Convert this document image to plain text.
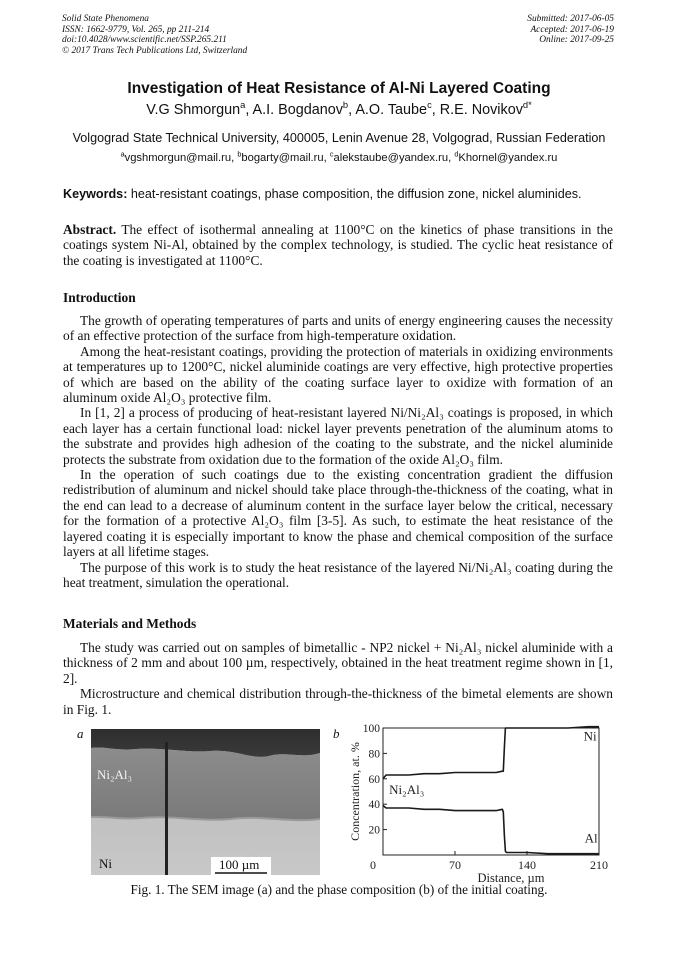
Solid State Phenomena
ISSN: 1662-9779, Vol. 265, pp 211-214
doi:10.4028/www.scientific.net/SSP.265.211
© 2017 Trans Tech Publications Ltd, Switzerland
Submitted: 2017-06-05
Accepted: 2017-06-19
Online: 2017-09-25
Investigation of Heat Resistance of Al-Ni Layered Coating
V.G Shmorgun$^a$, A.I. Bogdanov$^b$, A.O. Taube$^c$, R.E. Novikov$^{d*}$
Volgograd State Technical University, 400005, Lenin Avenue 28, Volgograd, Russian Federation
$^a$vgshmorgun@mail.ru, $^b$bogarty@mail.ru, $^c$alekstaube@yandex.ru, $^d$Khornel@yandex.ru
Keywords: heat-resistant coatings, phase composition, the diffusion zone, nickel aluminides.

Abstract. The effect of isothermal annealing at 1100°C on the kinetics of phase transitions in the coatings system Ni-Al, obtained by the complex technology, is studied. The cyclic heat resistance of the coating is investigated at 1100°C.

Introduction

The growth of operating temperatures of parts and units of energy engineering causes the necessity of an effective protection of the surface from high-temperature oxidation.

Among the heat-resistant coatings, providing the protection of materials in oxidizing environments at temperatures up to 1200°C, nickel aluminide coatings are very effective, high protective properties of which are based on the ability of the coating surface layer to oxidize with formation of an aluminum oxide Al₂O₃ protective film.

In [1, 2] a process of producing of heat-resistant layered Ni/Ni₂Al₃ coatings is proposed, in which each layer has a certain functional load: nickel layer prevents penetration of the aluminum atoms to the substrate and provides high adhesion of the coating to the substrate, and the nickel aluminide protects the substrate from oxidation due to the formation of the oxide Al₂O₃ film.

In the operation of such coatings due to the existing concentration gradient the diffusion redistribution of aluminum and nickel should take place through-the-thickness of the coating, what in the end can lead to a decrease of aluminum content in the surface layer below the critical, necessary for the formation of a protective Al₂O₃ film [3-5]. As such, to estimate the heat resistance of the layered coating it is especially important to know the phase and chemical composition of the surface layers at all lifetime stages.

The purpose of this work is to study the heat resistance of the layered Ni/Ni₂Al₃ coating during the heat treatment, simulation the operational.

Materials and Methods

The study was carried out on samples of bimetallic - NP2 nickel + Ni₂Al₃ nickel aluminide with a thickness of 2 mm and about 100 µm, respectively, obtained in the heat treatment regime shown in [1, 2].

Microstructure and chemical distribution through-the-thickness of the bimetal elements are shown in Fig. 1.

a
Ni₂Al₃
Ni	100 µm
b
20
40
60
80
100
0	70	140	210
Distance, µm
Concentration, at. %
Ni
Ni₂Al₃
Al
Fig. 1. The SEM image (a) and the phase composition (b) of the initial coating.
